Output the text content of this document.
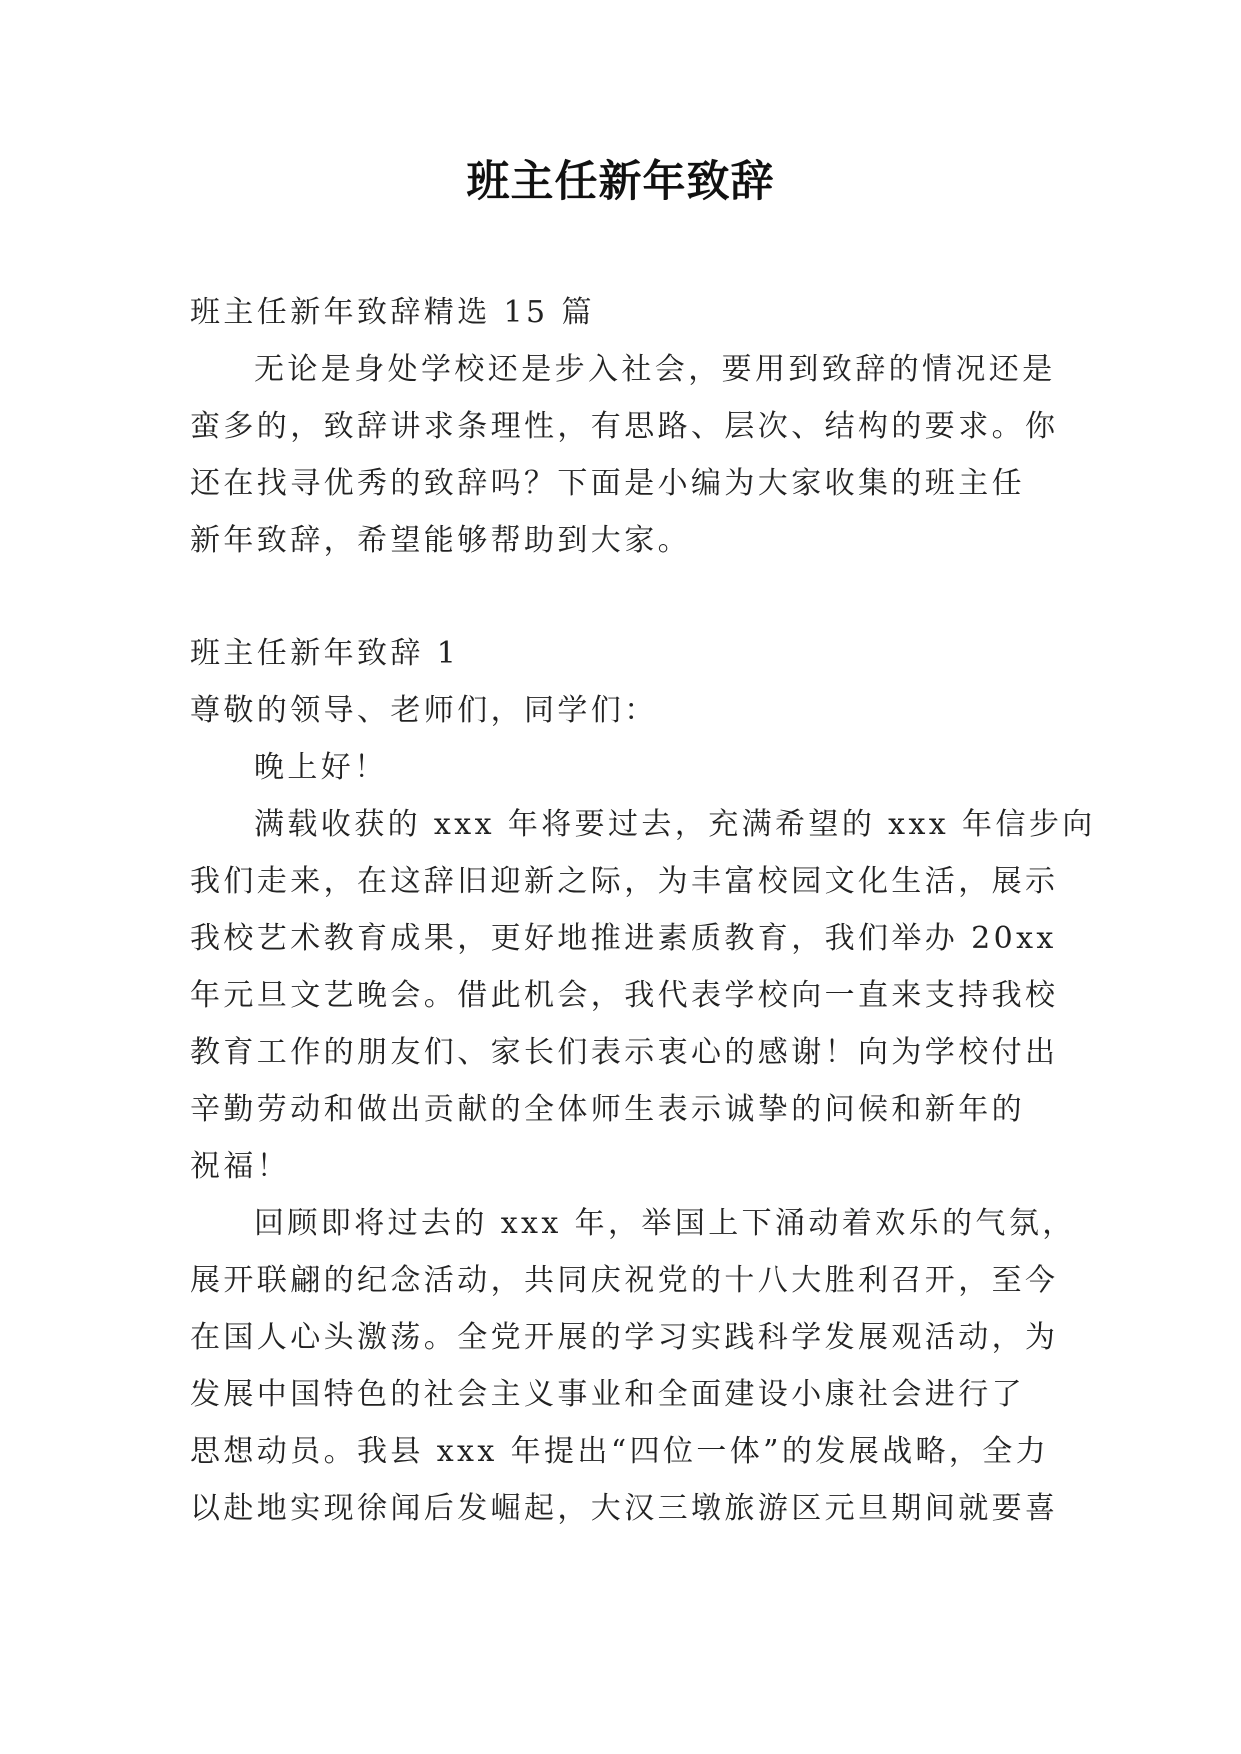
班主任新年致辞

班主任新年致辞精选 15 篇

无论是身处学校还是步入社会，要用到致辞的情况还是

蛮多的，致辞讲求条理性，有思路、层次、结构的要求。你

还在找寻优秀的致辞吗？下面是小编为大家收集的班主任

新年致辞，希望能够帮助到大家。

班主任新年致辞 1

尊敬的领导、老师们，同学们：

晚上好！

满载收获的 xxx 年将要过去，充满希望的 xxx 年信步向

我们走来，在这辞旧迎新之际，为丰富校园文化生活，展示

我校艺术教育成果，更好地推进素质教育，我们举办 20xx

年元旦文艺晚会。借此机会，我代表学校向一直来支持我校

教育工作的朋友们、家长们表示衷心的感谢！向为学校付出

辛勤劳动和做出贡献的全体师生表示诚挚的问候和新年的

祝福！

回顾即将过去的 xxx 年，举国上下涌动着欢乐的气氛，

展开联翩的纪念活动，共同庆祝党的十八大胜利召开，至今

在国人心头激荡。全党开展的学习实践科学发展观活动，为

发展中国特色的社会主义事业和全面建设小康社会进行了

思想动员。我县 xxx 年提出“四位一体”的发展战略，全力

以赴地实现徐闻后发崛起，大汉三墩旅游区元旦期间就要喜
